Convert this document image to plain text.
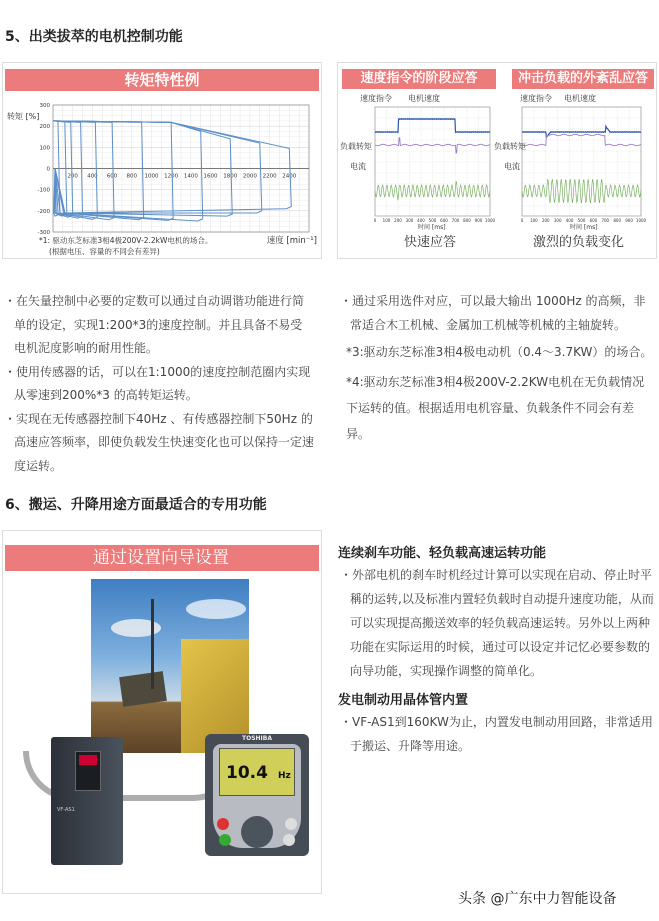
5、出类拔萃的电机控制功能
转矩特性例
300
200
100
0
-100
-200
-300
200 400 600 800 1000 1200 1400 1600 1800 2000 2200 2400
转矩 [%]
速度 [min⁻¹]
*1: 驱动东芝标准3相4极200V-2.2kW电机的场合。
(根据电压、容量的不同会有差异)
速度指令的阶段应答	冲击负载的外紊乱应答
0 100 200 300 400 500 600 700 800 900 1000	0 100 200 300 400 500 600 700 800 900 1000
速度指令 电机速度
负载转矩
电流
速度指令 电机速度
负载转矩
电流
时间 [ms]	时间 [ms]
快速应答	激烈的负载变化

・在矢量控制中必要的定数可以通过自动调谐功能进行简单的设定，实现1:200*3的速度控制。并且具备不易受电机泥度影响的耐用性能。

・使用传感器的话，可以在1:1000的速度控制范圈内实现从零速到200%*3 的高转矩运转。

・实现在无传感器控制下40Hz 、有传感器控制下50Hz 的高速应答频率，即使负载发生快速变化也可以保持一定速度运转。

・通过采用选件对应，可以最大输出 1000Hz 的高频，非常适合木工机械、金属加工机械等机械的主轴旋转。

*3:驱动东芝标准3相4极电动机（0.4～3.7KW）的场合。

*4:驱动东芝标准3相4极200V-2.2KW电机在无负载情况下运转的值。根据适用电机容量、负载条件不同会有差异。

6、搬运、升降用途方面最适合的专用功能
通过设置向导设置
VF-AS1
TOSHIBA
10.4 Hz
连续刹车功能、轻负载高速运转功能

・外部电机的刹车时机经过计算可以实现在启动、停止时平稱的运转,以及标准内置轻负载时自动提升速度功能，从而可以实现提高搬送效率的轻负载高速运转。另外以上两种功能在实际运用的时候，通过可以设定并记忆必要参数的向导功能，实现操作调整的简单化。

发电制动用晶体管内置

・VF-AS1到160KW为止，内置发电制动用回路，非常适用于搬运、升降等用途。

头条 @广东中力智能设备
